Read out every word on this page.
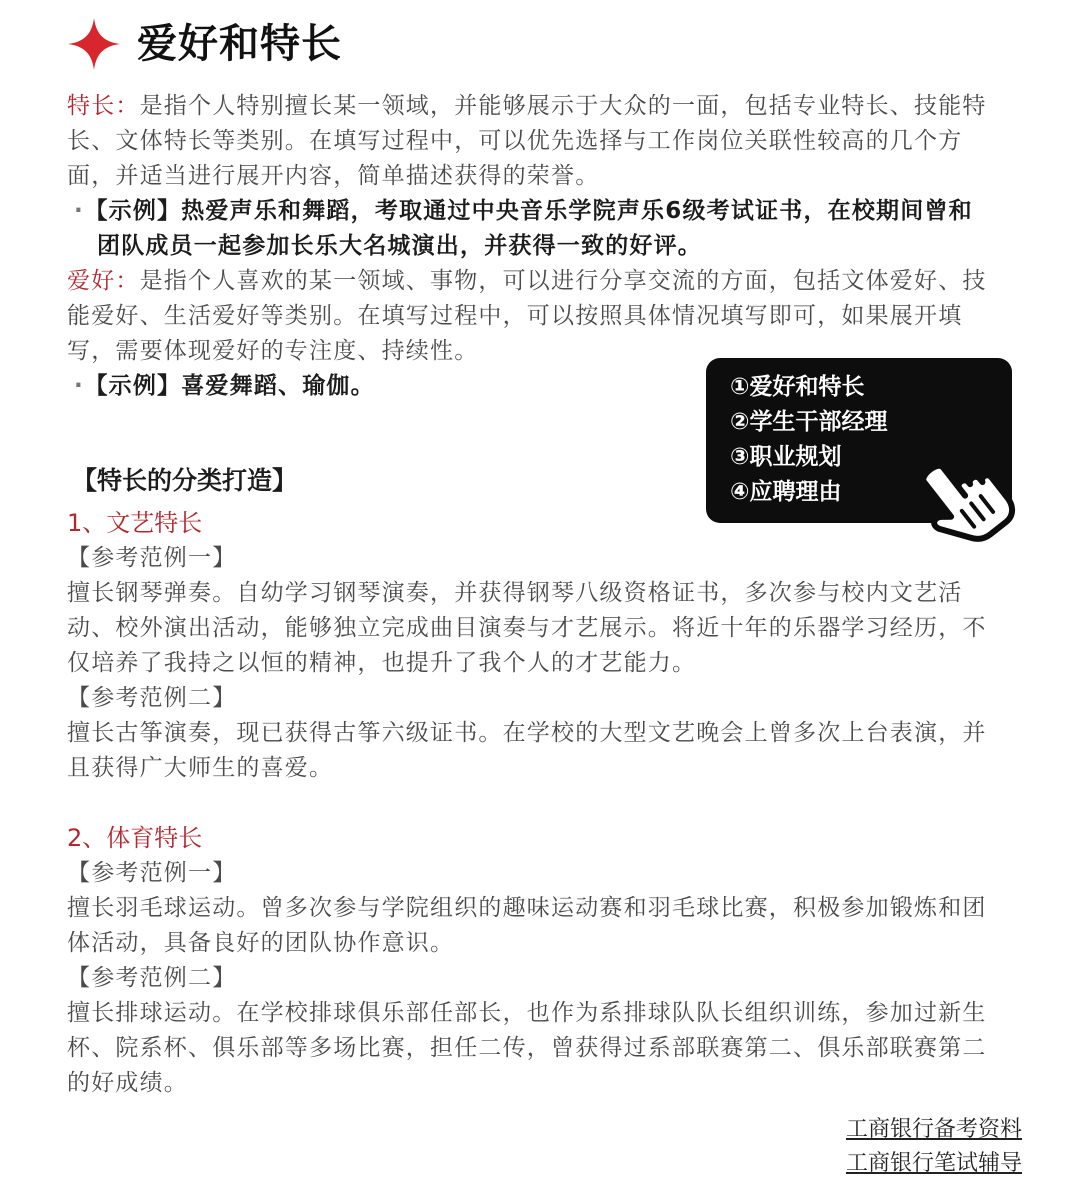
爱好和特长
特长：是指个人特别擅长某一领域，并能够展示于大众的一面，包括专业特长、技能特
长、文体特长等类别。在填写过程中，可以优先选择与工作岗位关联性较高的几个方
面，并适当进行展开内容，简单描述获得的荣誉。
· 【示例】热爱声乐和舞蹈，考取通过中央音乐学院声乐6级考试证书，在校期间曾和
团队成员一起参加长乐大名城演出，并获得一致的好评。
爱好：是指个人喜欢的某一领域、事物，可以进行分享交流的方面，包括文体爱好、技
能爱好、生活爱好等类别。在填写过程中，可以按照具体情况填写即可，如果展开填
写，需要体现爱好的专注度、持续性。
· 【示例】喜爱舞蹈、瑜伽。	①爱好和特长
②学生干部经理
③职业规划
④应聘理由
【特长的分类打造】
1、文艺特长
【参考范例一】
擅长钢琴弹奏。自幼学习钢琴演奏，并获得钢琴八级资格证书，多次参与校内文艺活
动、校外演出活动，能够独立完成曲目演奏与才艺展示。将近十年的乐器学习经历，不
仅培养了我持之以恒的精神，也提升了我个人的才艺能力。
【参考范例二】
擅长古筝演奏，现已获得古筝六级证书。在学校的大型文艺晚会上曾多次上台表演，并
且获得广大师生的喜爱。
2、体育特长
【参考范例一】
擅长羽毛球运动。曾多次参与学院组织的趣味运动赛和羽毛球比赛，积极参加锻炼和团
体活动，具备良好的团队协作意识。
【参考范例二】
擅长排球运动。在学校排球俱乐部任部长，也作为系排球队队长组织训练，参加过新生
杯、院系杯、俱乐部等多场比赛，担任二传，曾获得过系部联赛第二、俱乐部联赛第二
的好成绩。
工商银行备考资料
工商银行笔试辅导
